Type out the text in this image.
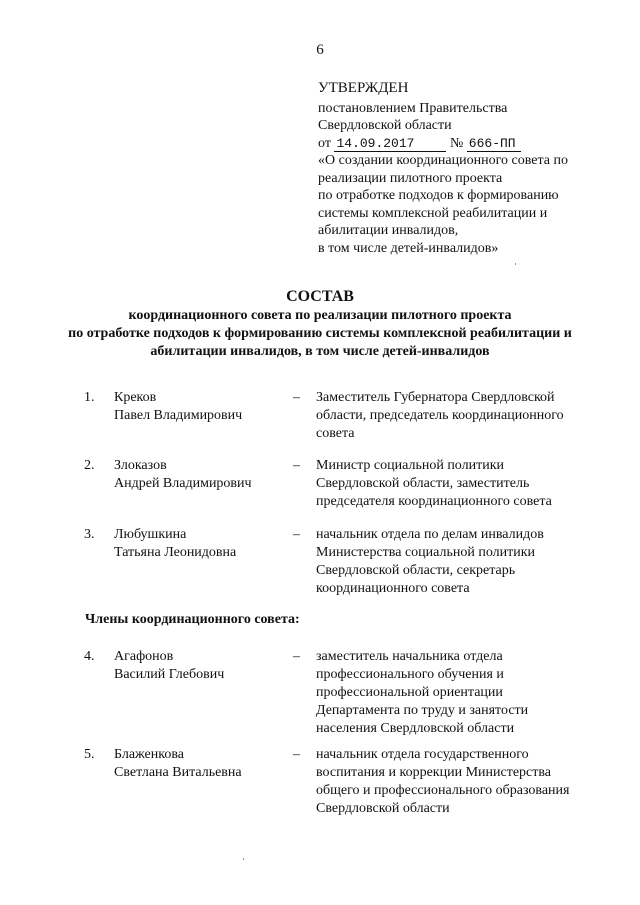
6
УТВЕРЖДЕН
постановлением Правительства
Свердловской области
от 14.09.2017	№ 666-ПП
«О создании координационного совета по
реализации пилотного проекта
по отработке подходов к формированию
системы комплексной реабилитации и
абилитации инвалидов,
в том числе детей-инвалидов»
СОСТАВ
координационного совета по реализации пилотного проекта
по отработке подходов к формированию системы комплексной реабилитации и
абилитации инвалидов, в том числе детей-инвалидов
1. Креков
Павел Владимирович
– Заместитель Губернатора Свердловской
области, председатель координационного
совета
2. Злоказов
Андрей Владимирович
– Министр социальной политики
Свердловской области, заместитель
председателя координационного совета
3. Любушкина
Татьяна Леонидовна
– начальник отдела по делам инвалидов
Министерства социальной политики
Свердловской области, секретарь
координационного совета
Члены координационного совета:
4. Агафонов
Василий Глебович
– заместитель начальника отдела
профессионального обучения и
профессиональной ориентации
Департамента по труду и занятости
населения Свердловской области
5. Блаженкова
Светлана Витальевна
– начальник отдела государственного
воспитания и коррекции Министерства
общего и профессионального образования
Свердловской области
